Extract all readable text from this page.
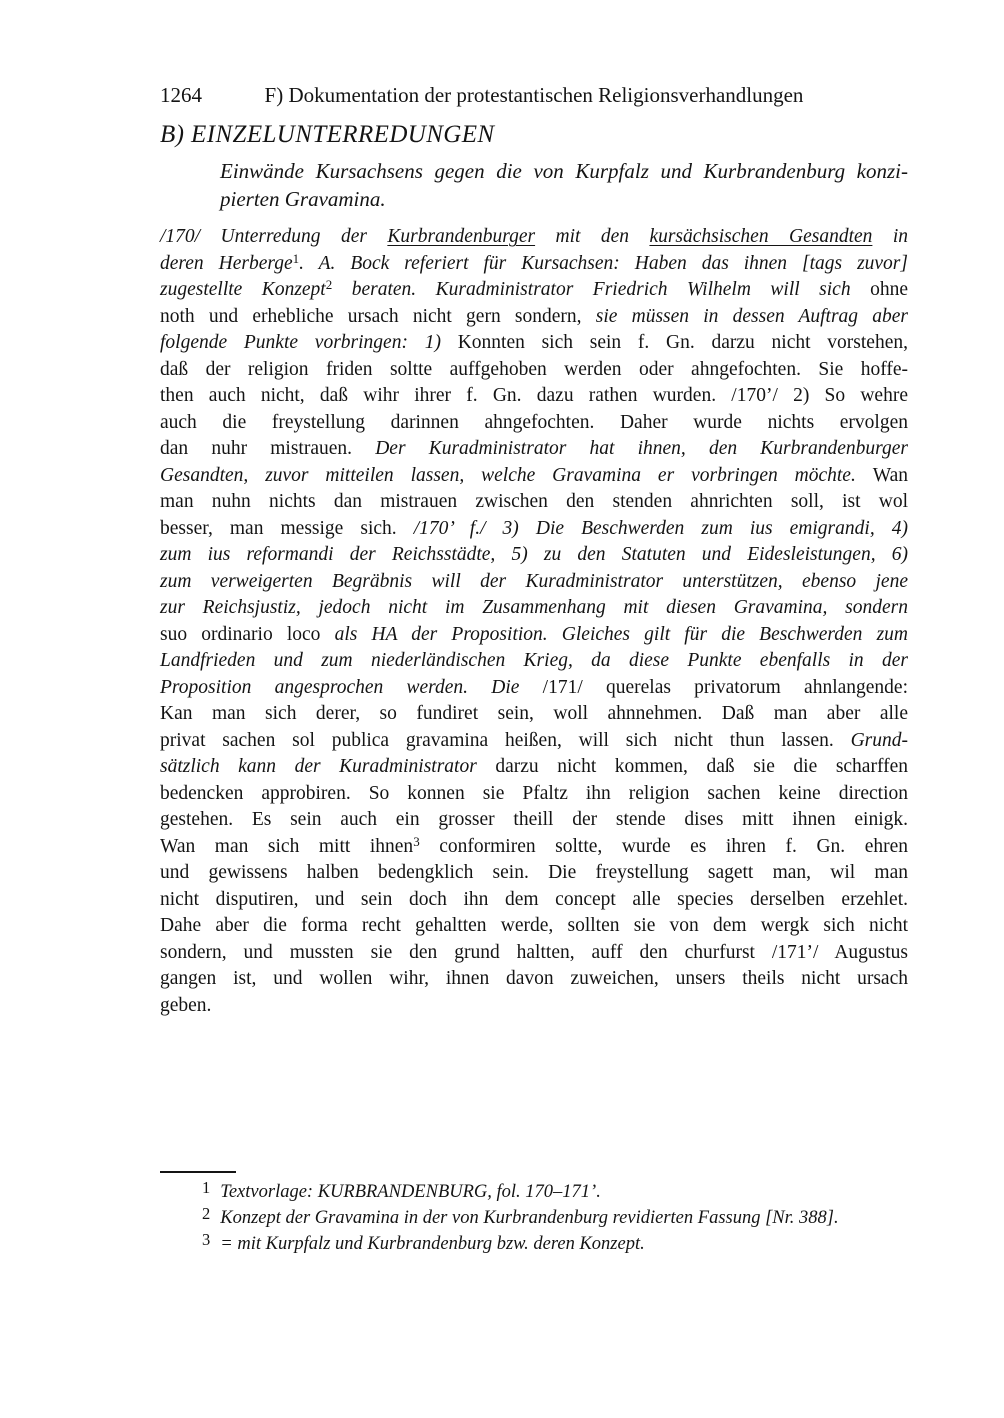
1264	F) Dokumentation der protestantischen Religionsverhandlungen
B) EINZELUNTERREDUNGEN
Einwände Kursachsens gegen die von Kurpfalz und Kurbrandenburg konzi-
pierten Gravamina.
/170/ Unterredung der Kurbrandenburger mit den kursächsischen Gesandten in
deren Herberge$^1$. A. Bock referiert für Kursachsen: Haben das ihnen [tags zuvor]
zugestellte Konzept$^2$ beraten. Kuradministrator Friedrich Wilhelm will sich ohne
noth und erhebliche ursach nicht gern sondern, sie müssen in dessen Auftrag aber
folgende Punkte vorbringen: 1) Konnten sich sein f. Gn. darzu nicht vorstehen,
daß der religion friden soltte auffgehoben werden oder ahngefochten. Sie hoffe-
then auch nicht, daß wihr ihrer f. Gn. dazu rathen wurden. /170’/ 2) So wehre
auch die freystellung darinnen ahngefochten. Daher wurde nichts ervolgen
dan nuhr mistrauen. Der Kuradministrator hat ihnen, den Kurbrandenburger
Gesandten, zuvor mitteilen lassen, welche Gravamina er vorbringen möchte. Wan
man nuhn nichts dan mistrauen zwischen den stenden ahnrichten soll, ist wol
besser, man messige sich. /170’ f./ 3) Die Beschwerden zum ius emigrandi, 4)
zum ius reformandi der Reichsstädte, 5) zu den Statuten und Eidesleistungen, 6)
zum verweigerten Begräbnis will der Kuradministrator unterstützen, ebenso jene
zur Reichsjustiz, jedoch nicht im Zusammenhang mit diesen Gravamina, sondern
suo ordinario loco als HA der Proposition. Gleiches gilt für die Beschwerden zum
Landfrieden und zum niederländischen Krieg, da diese Punkte ebenfalls in der
Proposition angesprochen werden. Die /171/ querelas privatorum ahnlangende:
Kan man sich derer, so fundiret sein, woll ahnnehmen. Daß man aber alle
privat sachen sol publica gravamina heißen, will sich nicht thun lassen. Grund-
sätzlich kann der Kuradministrator darzu nicht kommen, daß sie die scharffen
bedencken approbiren. So konnen sie Pfaltz ihn religion sachen keine direction
gestehen. Es sein auch ein grosser theill der stende dises mitt ihnen einigk.
Wan man sich mitt ihnen$^3$ conformiren soltte, wurde es ihren f. Gn. ehren
und gewissens halben bedengklich sein. Die freystellung sagett man, wil man
nicht disputiren, und sein doch ihn dem concept alle species derselben erzehlet.
Dahe aber die forma recht gehaltten werde, sollten sie von dem wergk sich nicht
sondern, und mussten sie den grund haltten, auff den churfurst /171’/ Augustus
gangen ist, und wollen wihr, ihnen davon zuweichen, unsers theils nicht ursach
geben.
1 Textvorlage: KURBRANDENBURG, fol. 170–171’.
2 Konzept der Gravamina in der von Kurbrandenburg revidierten Fassung [Nr. 388].
3 = mit Kurpfalz und Kurbrandenburg bzw. deren Konzept.
